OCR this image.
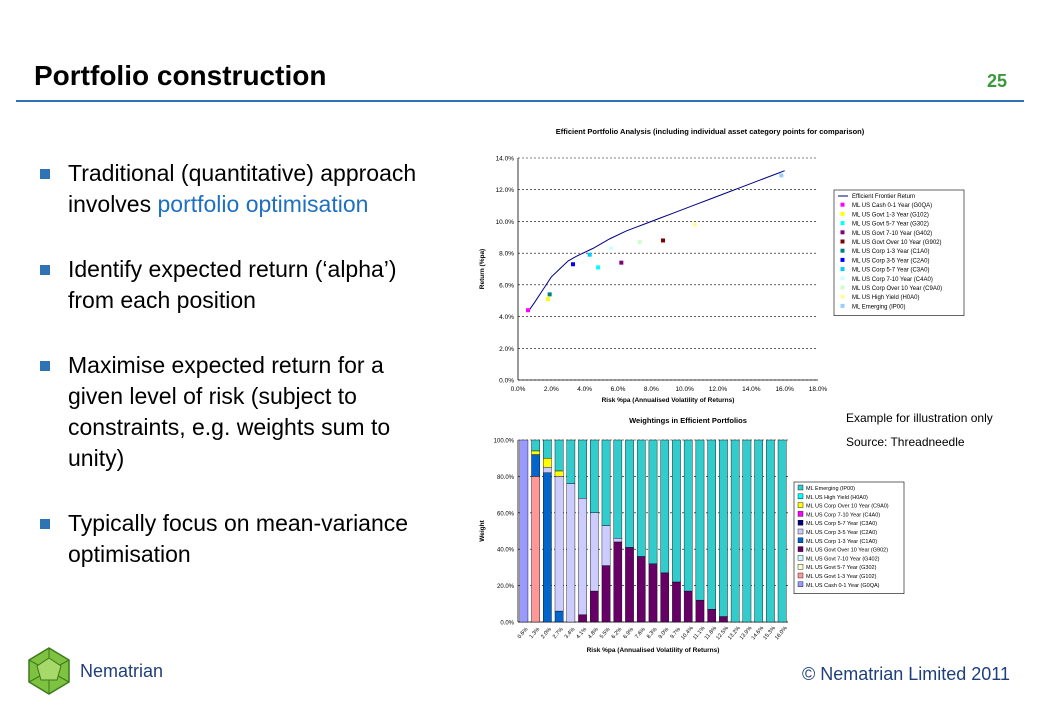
Portfolio construction	25
Traditional (quantitative) approach involves portfolio optimisation
Identify expected return (‘alpha’) from each position
Maximise expected return for a given level of risk (subject to constraints, e.g. weights sum to unity)
Typically focus on mean-variance optimisation
Efficient Portfolio Analysis (including individual asset category points for comparison)
0.0%
2.0%
4.0%
6.0%
8.0%
10.0%
12.0%
14.0%
0.0%	2.0%	4.0%	6.0%	8.0%	10.0% 12.0% 14.0% 16.0% 18.0%
Risk %pa (Annualised Volatility of Returns)
Return (%pa)
Efficient Frontier Return
ML US Cash 0-1 Year (G0QA)
ML US Govt 1-3 Year (G102)
ML US Govt 5-7 Year (G302)
ML US Govt 7-10 Year (G402)
ML US Govt Over 10 Year (G902)
ML US Corp 1-3 Year (C1A0)
ML US Corp 3-5 Year (C2A0)
ML US Corp 5-7 Year (C3A0)
ML US Corp 7-10 Year (C4A0)
ML US Corp Over 10 Year (C9A0)
ML US High Yield (H0A0)
ML Emerging (IP00)
Weightings in Efficient Portfolios
0.0%
20.0%
40.0%
60.0%
80.0%
100.0%
Weight
0.6% 1.3% 2.0% 2.7% 3.4% 4.1% 4.8% 5.5% 6.2% 6.9% 7.6% 8.3% 9.0% 9.7%
10.4%
11.1%
11.8%
12.5%
13.2%
13.9%
14.6%
15.3%
16.0%
Risk %pa (Annualised Volatility of Returns)
ML Emerging (IP00)
ML US High Yield (H0A0)
ML US Corp Over 10 Year (C9A0)
ML US Corp 7-10 Year (C4A0)
ML US Corp 5-7 Year (C3A0)
ML US Corp 3-5 Year (C2A0)
ML US Corp 1-3 Year (C1A0)
ML US Govt Over 10 Year (G902)
ML US Govt 7-10 Year (G402)
ML US Govt 5-7 Year (G302)
ML US Govt 1-3 Year (G102)
ML US Cash 0-1 Year (G0QA)
Example for illustration only
Source: Threadneedle
Nematrian	© Nematrian Limited 2011
